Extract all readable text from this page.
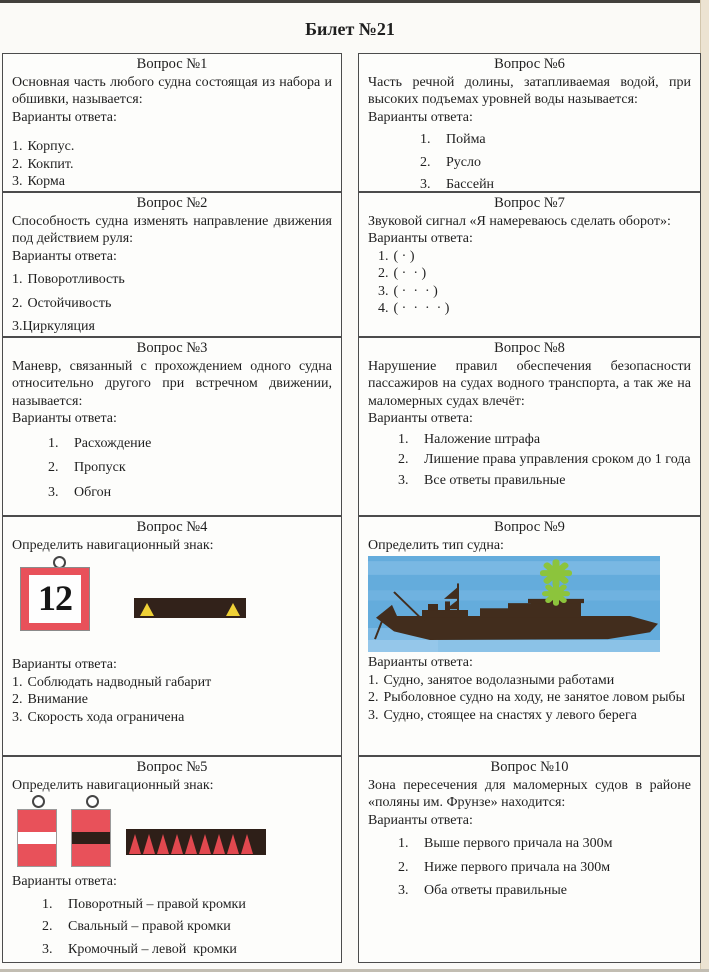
Билет №21
Вопрос №1
Основная часть любого судна состоящая из набора и обшивки, называется:
Варианты ответа:
1. Корпус.
2. Кокпит.
3. Корма
Вопрос №6
Часть речной долины, затапливаемая водой, при высоких подъемах уровней воды называется:
Варианты ответа:
1.	Пойма
2.	Русло
3.	Бассейн
Вопрос №2
Способность судна изменять направление движения под действием руля:
Варианты ответа:
1. Поворотливость
2. Остойчивость
3.Циркуляция
Вопрос №7
Звуковой сигнал «Я намереваюсь сделать оборот»:
Варианты ответа:
1. ( · )
2. ( ·  · )
3. ( ·  ·  · )
4. ( ·  ·  ·  · )
Вопрос №3
Маневр, связанный с прохождением одного судна относительно другого при встречном движении, называется:
Варианты ответа:
1.	Расхождение
2.	Пропуск
3.	Обгон
Вопрос №8
Нарушение правил обеспечения безопасности пассажиров на судах водного транспорта, а так же на маломерных судах влечёт:
Варианты ответа:
1.	Наложение штрафа
2.	Лишение права управления сроком до 1 года
3.	Все ответы правильные
Вопрос №4
Определить навигационный знак:
12
Варианты ответа:
1. Соблюдать надводный габарит
2. Внимание
3. Скорость хода ограничена
Вопрос №9
Определить тип судна:
Варианты ответа:
1. Судно, занятое водолазными работами
2. Рыболовное судно на ходу, не занятое ловом рыбы
3. Судно, стоящее на снастях у левого берега
Вопрос №5
Определить навигационный знак:
Варианты ответа:
1.	Поворотный – правой кромки
2.	Свальный – правой кромки
3.	Кромочный – левой  кромки
Вопрос №10
Зона пересечения для маломерных судов в районе «поляны им. Фрунзе» находится:
Варианты ответа:
1.	Выше первого причала на 300м
2.	Ниже первого причала на 300м
3.	Оба ответы правильные
